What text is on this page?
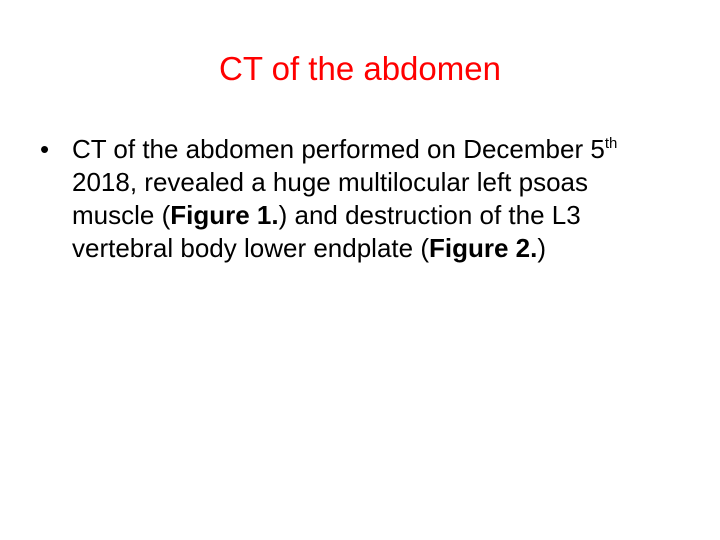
CT of the abdomen
• CT of the abdomen performed on December 5th 2018, revealed a huge multilocular left psoas muscle (Figure 1.) and destruction of the L3 vertebral body lower endplate (Figure 2.)
